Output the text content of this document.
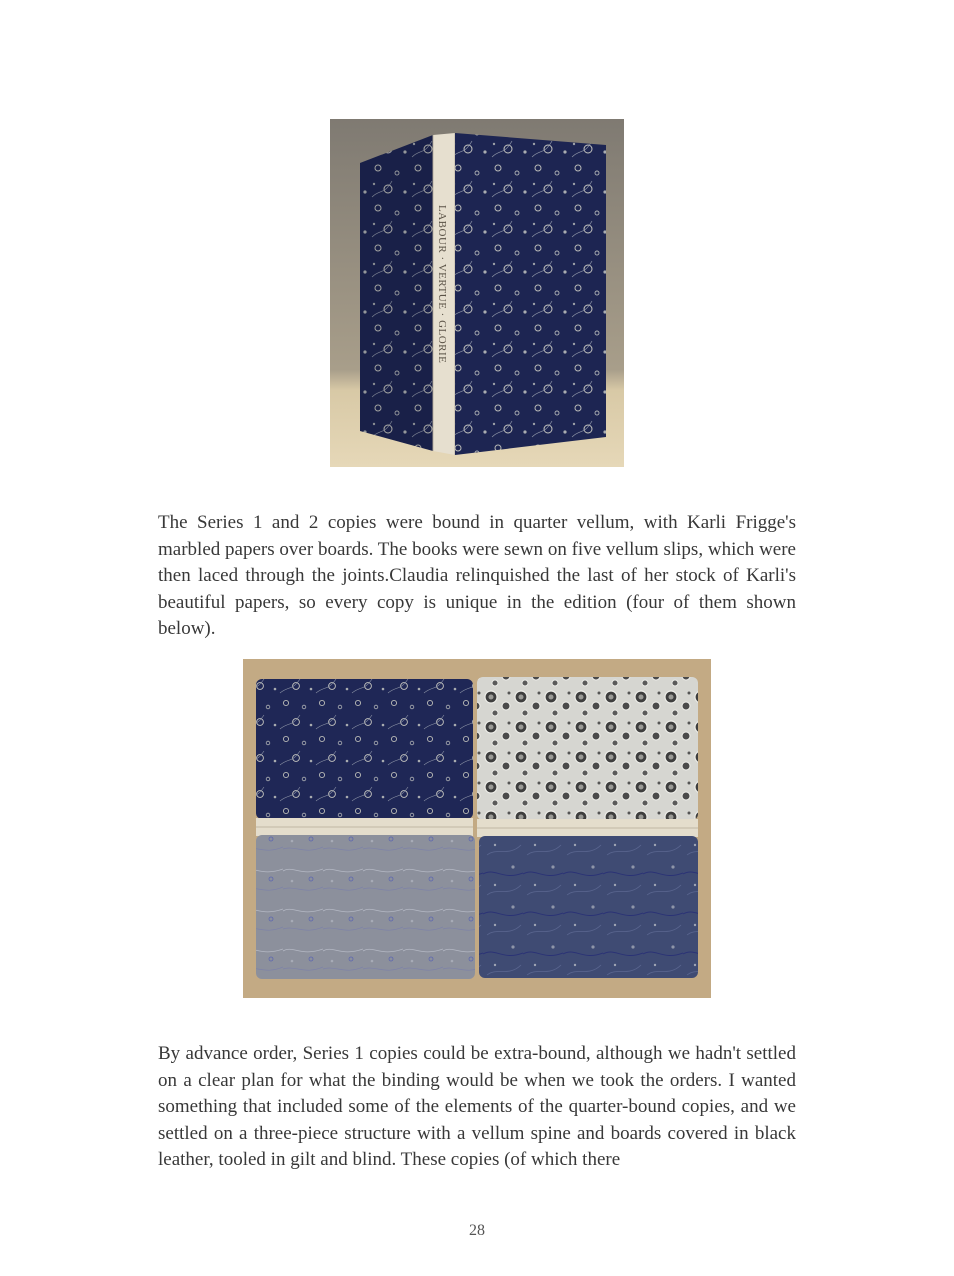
LABOUR · VERTUE · GLORIE

The Series 1 and 2 copies were bound in quarter vellum, with Karli Frigge's marbled papers over boards. The books were sewn on five vellum slips, which were then laced through the joints.Claudia relinquished the last of her stock of Karli's beautiful papers, so every copy is unique in the edition (four of them shown below).

By advance order, Series 1 copies could be extra-bound, although we hadn't settled on a clear plan for what the binding would be when we took the orders. I wanted something that included some of the elements of the quarter-bound copies, and we settled on a three-piece structure with a vellum spine and boards covered in black leather, tooled in gilt and blind. These copies (of which there

28
